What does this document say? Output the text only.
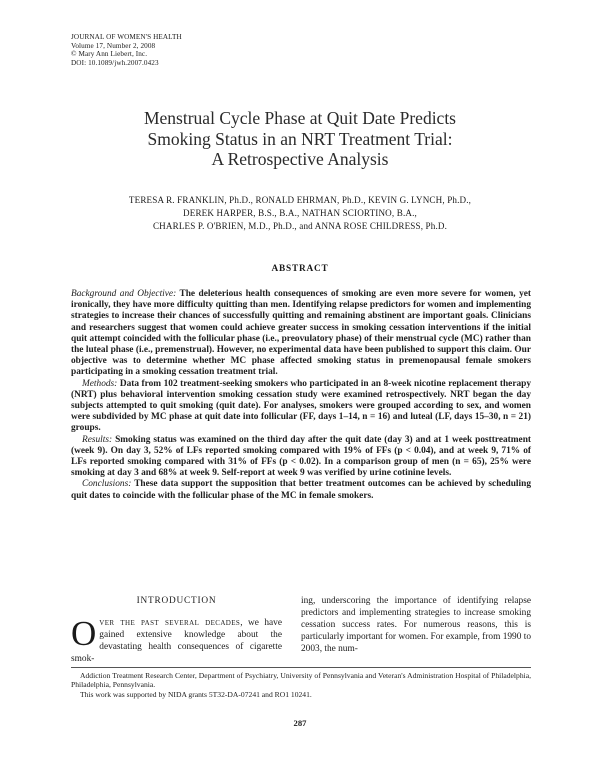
JOURNAL OF WOMEN'S HEALTH
Volume 17, Number 2, 2008
© Mary Ann Liebert, Inc.
DOI: 10.1089/jwh.2007.0423
Menstrual Cycle Phase at Quit Date Predicts
Smoking Status in an NRT Treatment Trial:
A Retrospective Analysis
TERESA R. FRANKLIN, Ph.D., RONALD EHRMAN, Ph.D., KEVIN G. LYNCH, Ph.D.,
DEREK HARPER, B.S., B.A., NATHAN SCIORTINO, B.A.,
CHARLES P. O'BRIEN, M.D., Ph.D., and ANNA ROSE CHILDRESS, Ph.D.
ABSTRACT

Background and Objective: The deleterious health consequences of smoking are even more severe for women, yet ironically, they have more difficulty quitting than men. Identifying relapse predictors for women and implementing strategies to increase their chances of successfully quitting and remaining abstinent are important goals. Clinicians and researchers suggest that women could achieve greater success in smoking cessation interventions if the initial quit attempt coincided with the follicular phase (i.e., preovulatory phase) of their menstrual cycle (MC) rather than the luteal phase (i.e., premenstrual). However, no experimental data have been published to support this claim. Our objective was to determine whether MC phase affected smoking status in premenopausal female smokers participating in a smoking cessation treatment trial.

Methods: Data from 102 treatment-seeking smokers who participated in an 8-week nicotine replacement therapy (NRT) plus behavioral intervention smoking cessation study were examined retrospectively. NRT began the day subjects attempted to quit smoking (quit date). For analyses, smokers were grouped according to sex, and women were subdivided by MC phase at quit date into follicular (FF, days 1–14, n = 16) and luteal (LF, days 15–30, n = 21) groups.

Results: Smoking status was examined on the third day after the quit date (day 3) and at 1 week posttreatment (week 9). On day 3, 52% of LFs reported smoking compared with 19% of FFs (p < 0.04), and at week 9, 71% of LFs reported smoking compared with 31% of FFs (p < 0.02). In a comparison group of men (n = 65), 25% were smoking at day 3 and 68% at week 9. Self-report at week 9 was verified by urine cotinine levels.

Conclusions: These data support the supposition that better treatment outcomes can be achieved by scheduling quit dates to coincide with the follicular phase of the MC in female smokers.

INTRODUCTION

Over the past several decades, we have gained extensive knowledge about the devastating health consequences of cigarette smok-

ing, underscoring the importance of identifying relapse predictors and implementing strategies to increase smoking cessation success rates. For numerous reasons, this is particularly important for women. For example, from 1990 to 2003, the num-

Addiction Treatment Research Center, Department of Psychiatry, University of Pennsylvania and Veteran's Administration Hospital of Philadelphia, Philadelphia, Pennsylvania.

This work was supported by NIDA grants 5T32-DA-07241 and RO1 10241.

287
